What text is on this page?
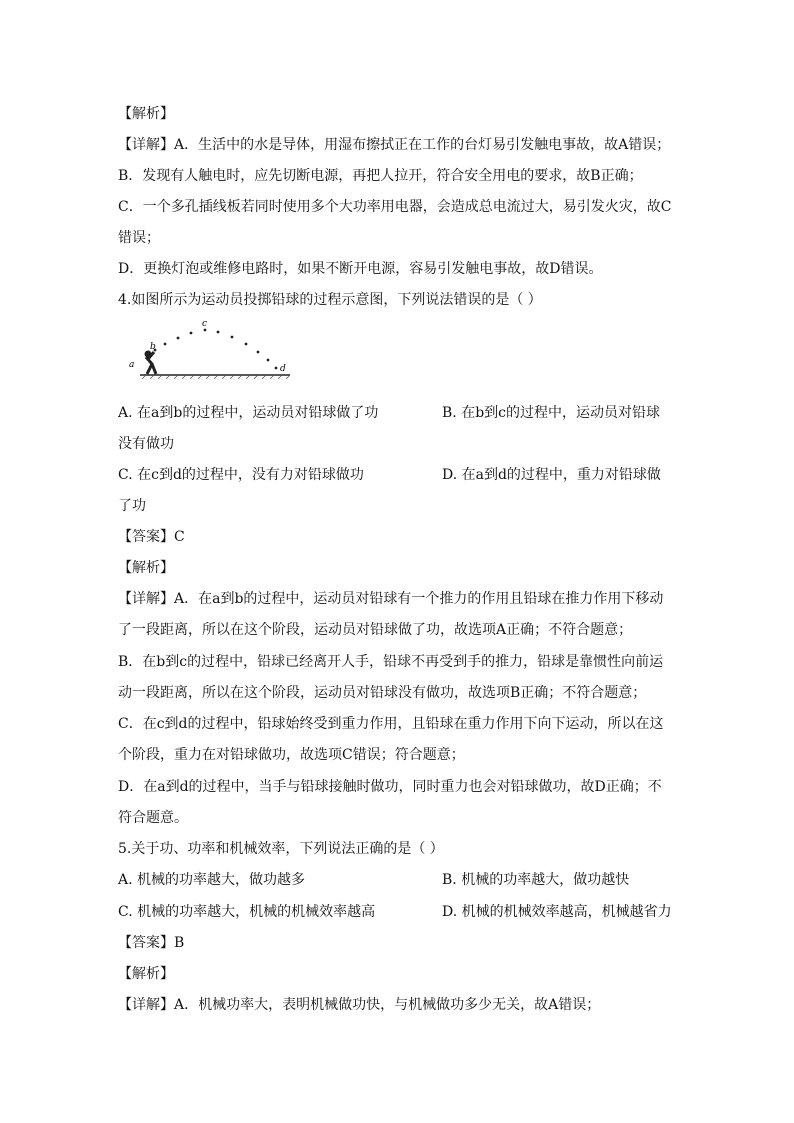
【解析】
【详解】A．生活中的水是导体，用湿布擦拭正在工作的台灯易引发触电事故，故A错误；
B．发现有人触电时，应先切断电源，再把人拉开，符合安全用电的要求，故B正确；
C．一个多孔插线板若同时使用多个大功率用电器，会造成总电流过大，易引发火灾，故C
错误；
D．更换灯泡或维修电路时，如果不断开电源，容易引发触电事故，故D错误。
4.如图所示为运动员投掷铅球的过程示意图，下列说法错误的是（ ）
a
b
c
d
A. 在a到b的过程中，运动员对铅球做了功	B. 在b到c的过程中，运动员对铅球
没有做功
C. 在c到d的过程中，没有力对铅球做功	D. 在a到d的过程中，重力对铅球做
了功
【答案】C
【解析】
【详解】A．在a到b的过程中，运动员对铅球有一个推力的作用且铅球在推力作用下移动
了一段距离，所以在这个阶段，运动员对铅球做了功，故选项A正确；不符合题意；
B．在b到c的过程中，铅球已经离开人手，铅球不再受到手的推力，铅球是靠惯性向前运
动一段距离，所以在这个阶段，运动员对铅球没有做功，故选项B正确；不符合题意；
C．在c到d的过程中，铅球始终受到重力作用，且铅球在重力作用下向下运动，所以在这
个阶段，重力在对铅球做功，故选项C错误；符合题意；
D．在a到d的过程中，当手与铅球接触时做功，同时重力也会对铅球做功，故D正确；不
符合题意。
5.关于功、功率和机械效率，下列说法正确的是（ ）
A. 机械的功率越大，做功越多	B. 机械的功率越大，做功越快
C. 机械的功率越大，机械的机械效率越高	D. 机械的机械效率越高，机械越省力
【答案】B
【解析】
【详解】A．机械功率大，表明机械做功快，与机械做功多少无关，故A错误；
